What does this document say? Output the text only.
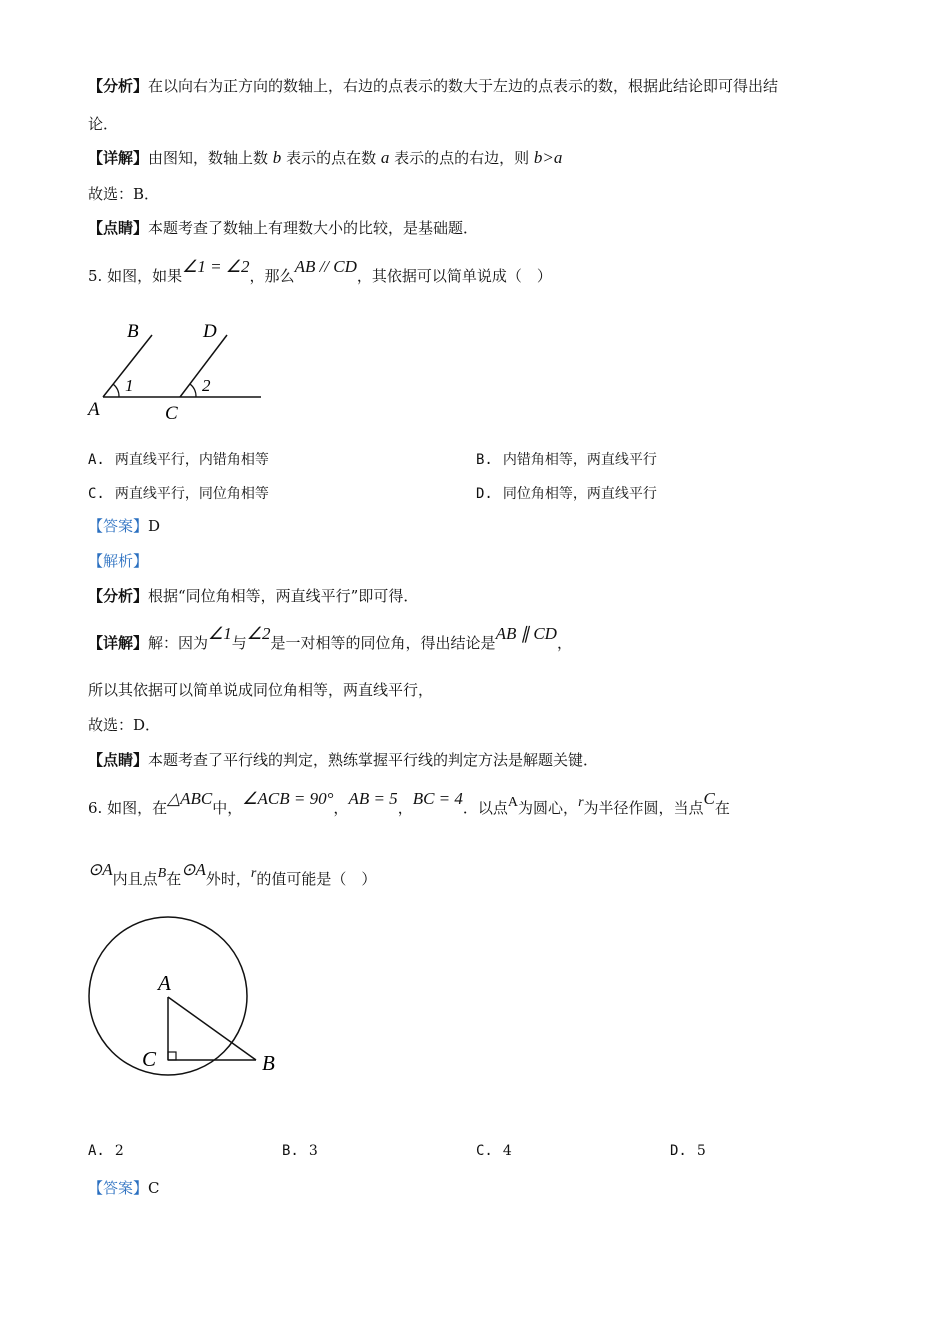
【分析】在以向右为正方向的数轴上，右边的点表示的数大于左边的点表示的数，根据此结论即可得出结
论．
【详解】由图知，数轴上数 b 表示的点在数 a 表示的点的右边，则 b>a
故选：B．
【点睛】本题考查了数轴上有理数大小的比较，是基础题．
5. 如图，如果∠1 = ∠2，那么AB // CD，其依据可以简单说成（　）
B	D
1	2
A	C
A. 两直线平行，内错角相等	B. 内错角相等，两直线平行
C. 两直线平行，同位角相等	D. 同位角相等，两直线平行
【答案】D
【解析】
【分析】根据“同位角相等，两直线平行”即可得．
【详解】解：因为∠1与∠2是一对相等的同位角，得出结论是AB ∥ CD，
所以其依据可以简单说成同位角相等，两直线平行，
故选：D．
【点睛】本题考查了平行线的判定，熟练掌握平行线的判定方法是解题关键．
6. 如图，在△ABC中，∠ACB = 90°，AB = 5，BC = 4．以点A为圆心，r为半径作圆，当点C在
⊙A内且点B在⊙A外时，r的值可能是（　）
A
C	B
A. 2	B. 3	C. 4	D. 5
【答案】C
